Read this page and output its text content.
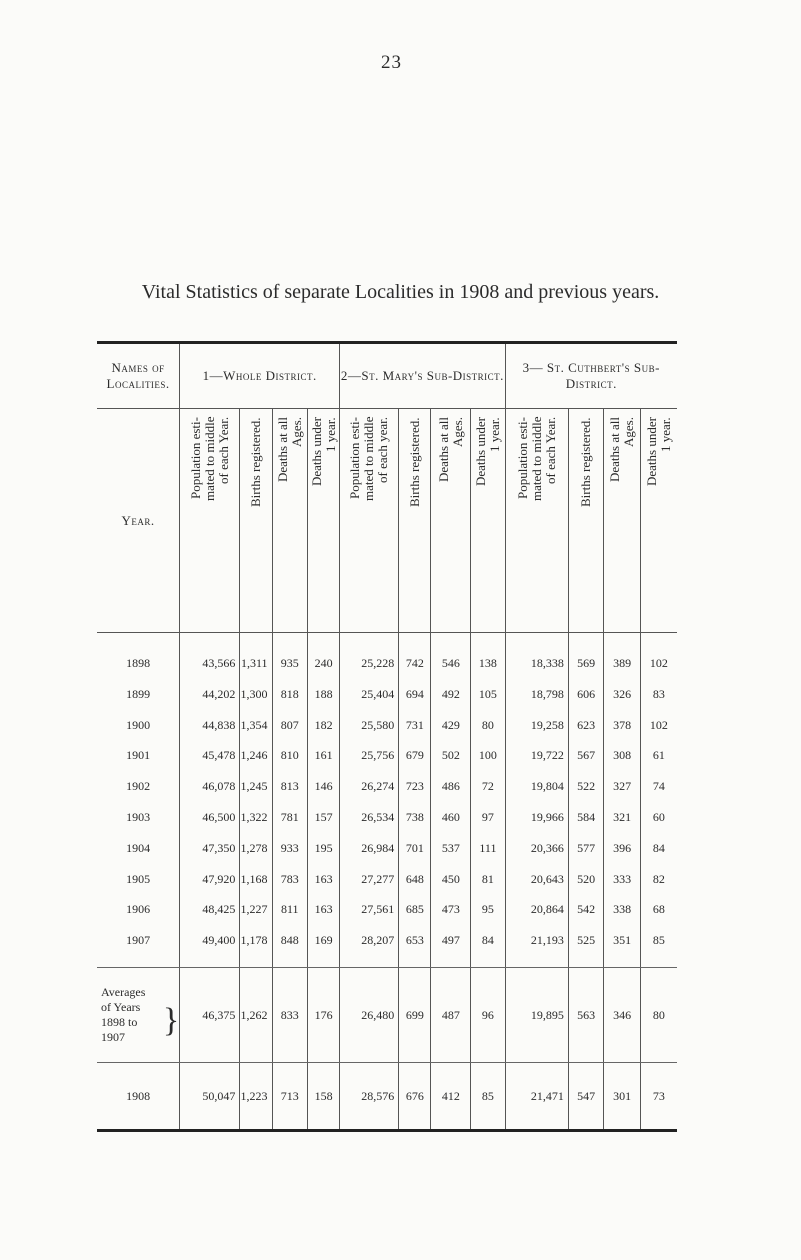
23
Vital Statistics of separate Localities in 1908 and previous years.
Names of Localities.	1—Whole District.				2—St. Mary's Sub-District.				3— St. Cuthbert's Sub-District.			
Year.	Population esti-
mated to middle
of each Year.	Births registered.	Deaths at all
Ages.	Deaths under
1 year.	Population esti-
mated to middle
of each year.	Births registered.	Deaths at all
Ages.	Deaths under
1 year.	Population esti-
mated to middle
of each Year.	Births registered.	Deaths at all
Ages.	Deaths under
1 year.

1898	43,566	1,311	935	240	25,228	742	546	138	18,338	569	389	102
1899	44,202	1,300	818	188	25,404	694	492	105	18,798	606	326	83
1900	44,838	1,354	807	182	25,580	731	429	80	19,258	623	378	102
1901	45,478	1,246	810	161	25,756	679	502	100	19,722	567	308	61
1902	46,078	1,245	813	146	26,274	723	486	72	19,804	522	327	74
1903	46,500	1,322	781	157	26,534	738	460	97	19,966	584	321	60
1904	47,350	1,278	933	195	26,984	701	537	111	20,366	577	396	84
1905	47,920	1,168	783	163	27,277	648	450	81	20,643	520	333	82
1906	48,425	1,227	811	163	27,561	685	473	95	20,864	542	338	68
1907	49,400	1,178	848	169	28,207	653	497	84	21,193	525	351	85

Averages
of Years
1898 to
1907 }	46,375	1,262	833	176	26,480	699	487	96	19,895	563	346	80
1908	50,047	1,223	713	158	28,576	676	412	85	21,471	547	301	73
